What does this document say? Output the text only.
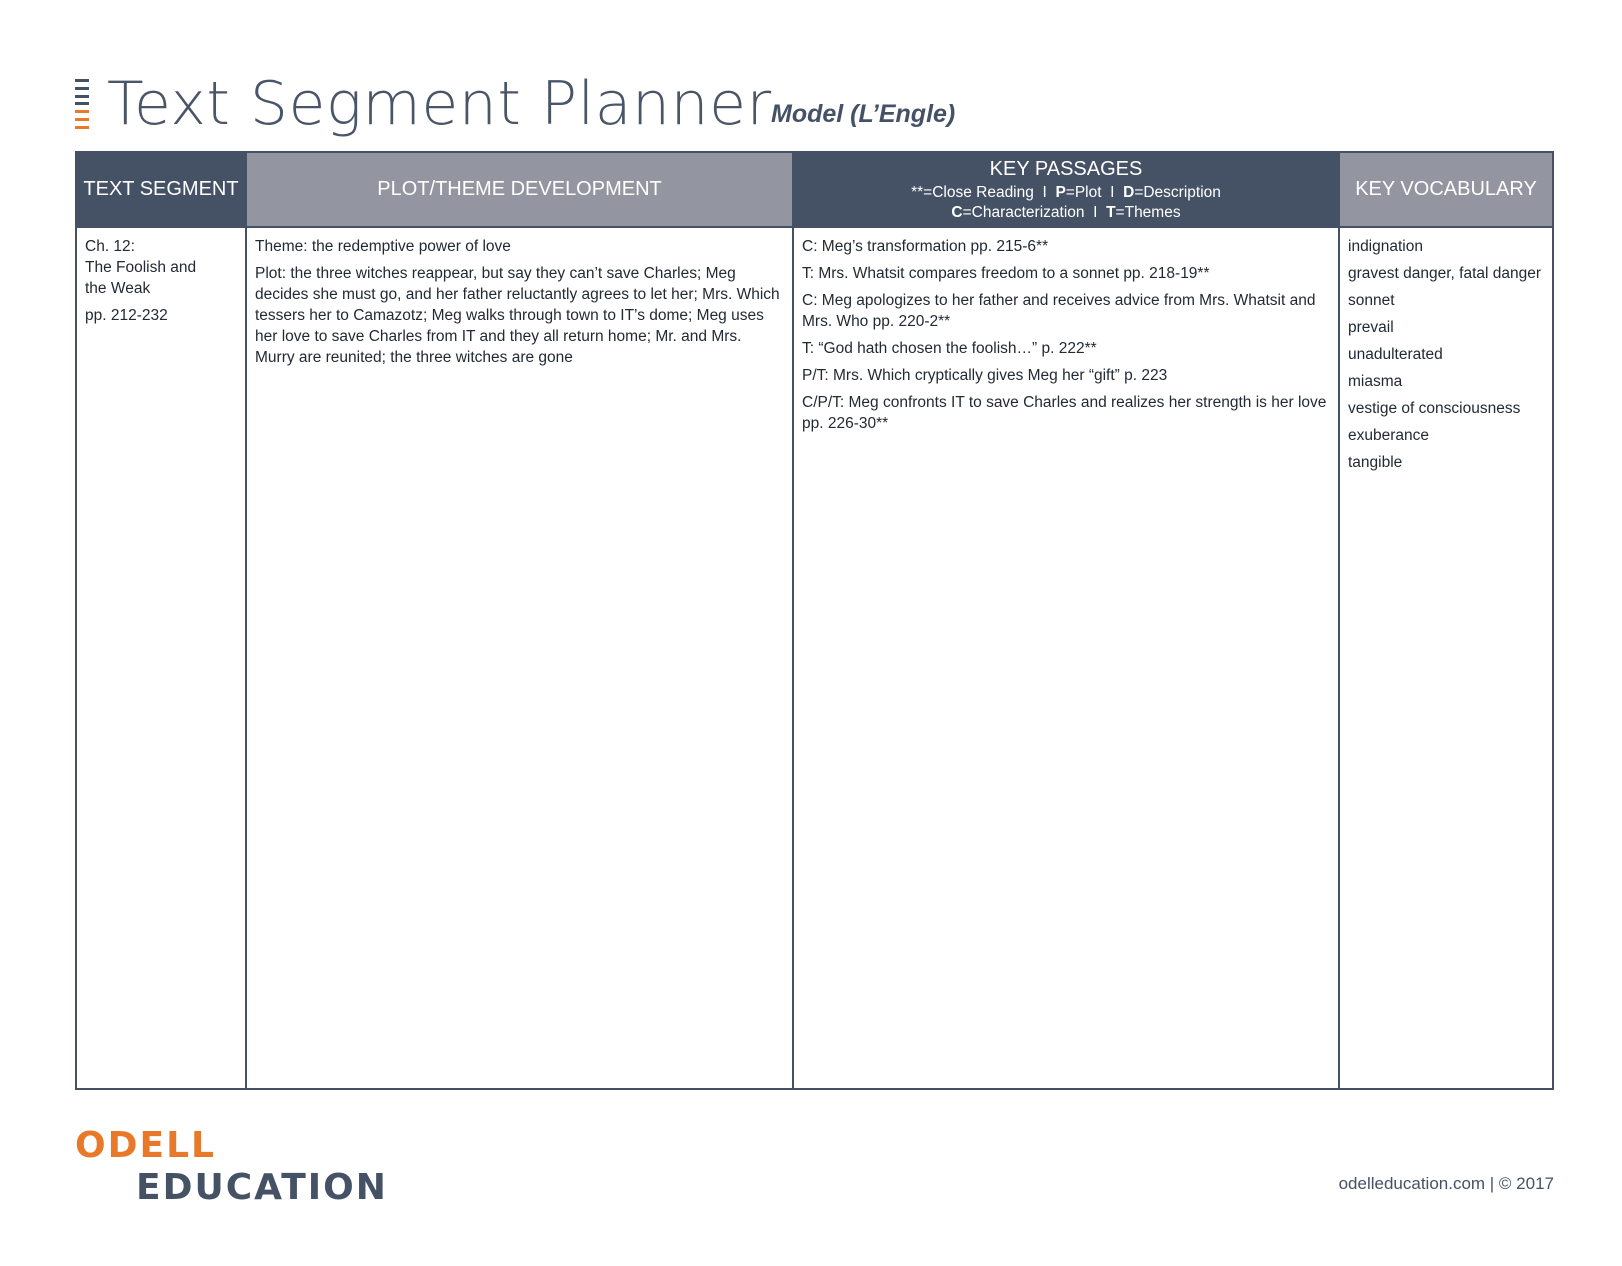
Text Segment Planner Model (L’Engle)
TEXT SEGMENT	PLOT/THEME DEVELOPMENT
KEY PASSAGES
**=Close Reading I P=Plot I D=Description
C=Characterization I T=Themes
KEY VOCABULARY
Ch. 12:
The Foolish and
the Weak
pp. 212-232

Theme: the redemptive power of love

Plot: the three witches reappear, but say they can’t save Charles; Meg decides she must go, and her father reluctantly agrees to let her; Mrs. Which tessers her to Camazotz; Meg walks through town to IT’s dome; Meg uses her love to save Charles from IT and they all return home; Mr. and Mrs. Murry are reunited; the three witches are gone

C: Meg’s transformation pp. 215-6**

T: Mrs. Whatsit compares freedom to a sonnet pp. 218-19**

C: Meg apologizes to her father and receives advice from Mrs. Whatsit and Mrs. Who pp. 220-2**

T: “God hath chosen the foolish…” p. 222**

P/T: Mrs. Which cryptically gives Meg her “gift” p. 223

C/P/T: Meg confronts IT to save Charles and realizes her strength is her love pp. 226-30**

indignation

gravest danger, fatal danger

sonnet

prevail

unadulterated

miasma

vestige of consciousness

exuberance

tangible

ODELL
EDUCATION	odelleducation.com | © 2017
